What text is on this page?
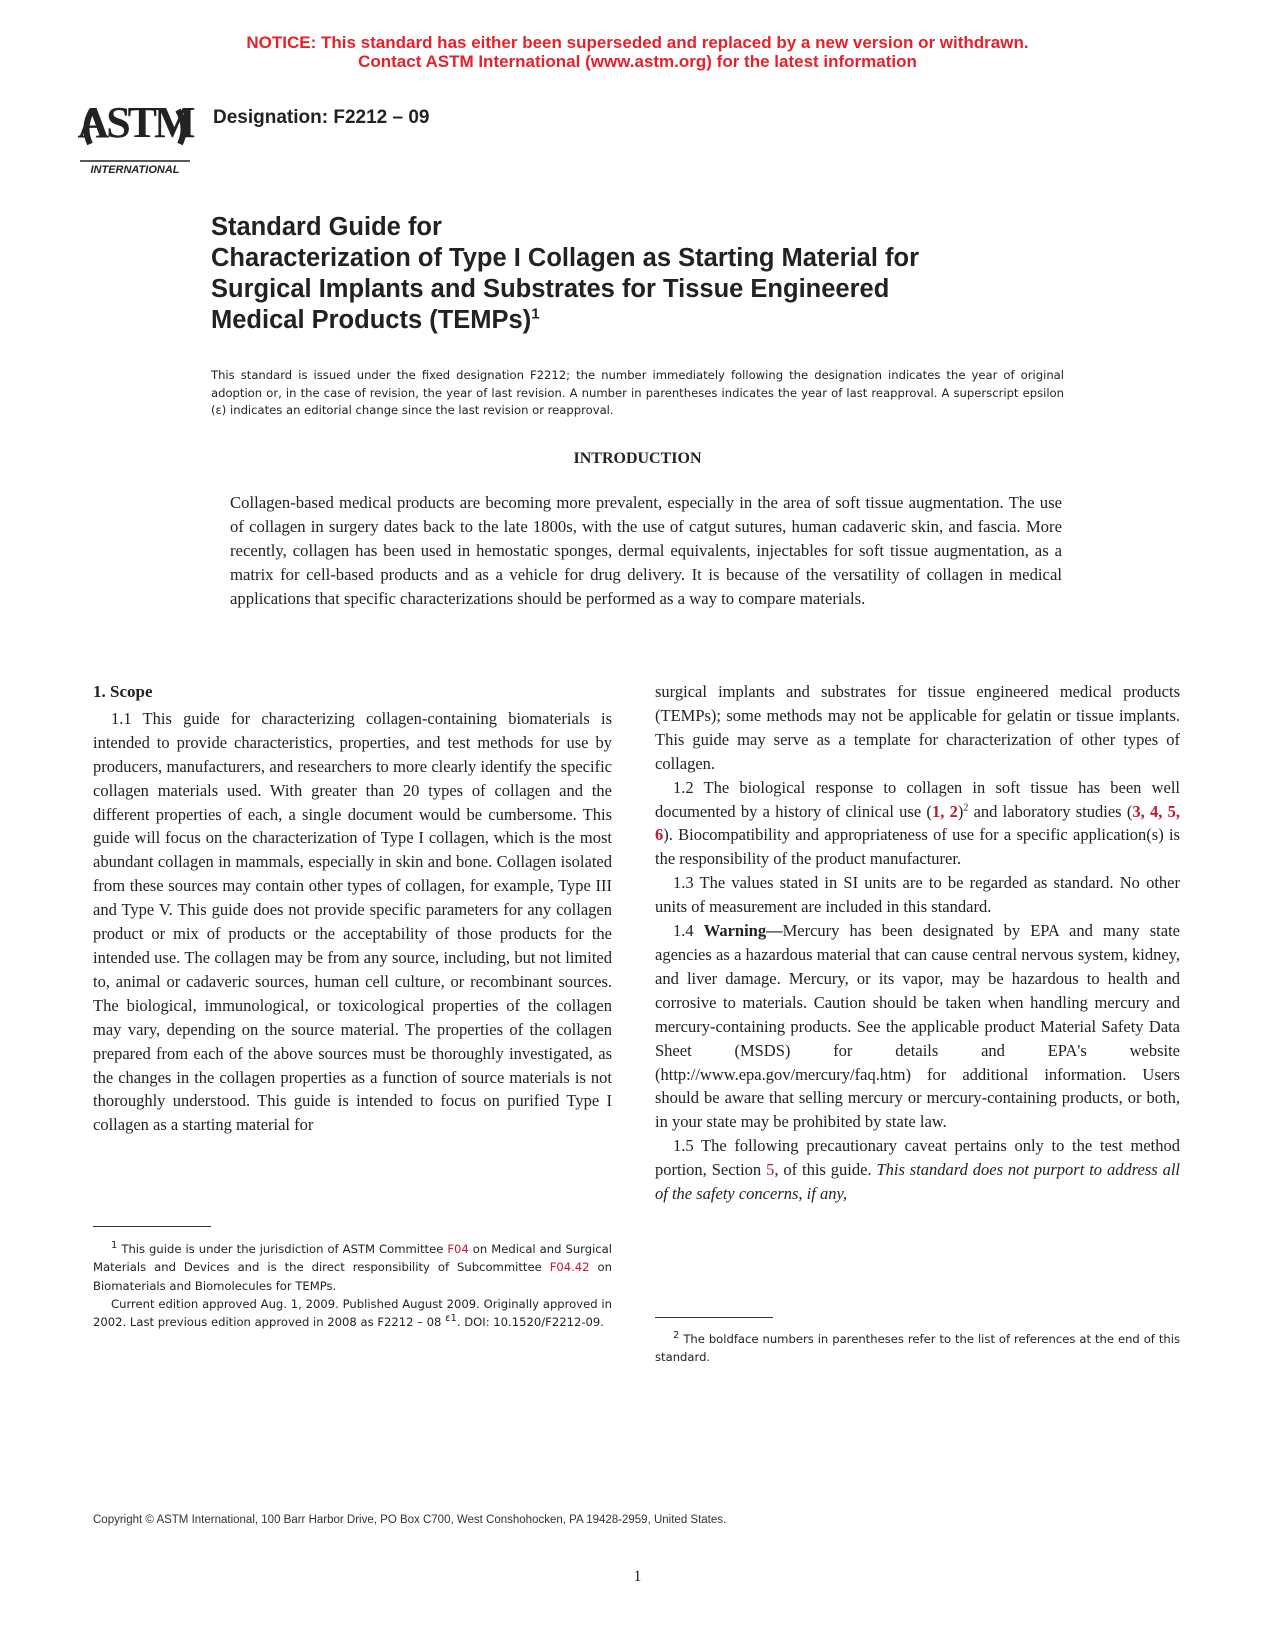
NOTICE: This standard has either been superseded and replaced by a new version or withdrawn.
Contact ASTM International (www.astm.org) for the latest information
ASTM
INTERNATIONAL
Designation: F2212 – 09
Standard Guide for
Characterization of Type I Collagen as Starting Material for
Surgical Implants and Substrates for Tissue Engineered
Medical Products (TEMPs)$^1$
This standard is issued under the fixed designation F2212; the number immediately following the designation indicates the year of original adoption or, in the case of revision, the year of last revision. A number in parentheses indicates the year of last reapproval. A superscript epsilon (ε) indicates an editorial change since the last revision or reapproval.
INTRODUCTION
Collagen-based medical products are becoming more prevalent, especially in the area of soft tissue augmentation. The use of collagen in surgery dates back to the late 1800s, with the use of catgut sutures, human cadaveric skin, and fascia. More recently, collagen has been used in hemostatic sponges, dermal equivalents, injectables for soft tissue augmentation, as a matrix for cell-based products and as a vehicle for drug delivery. It is because of the versatility of collagen in medical applications that specific characterizations should be performed as a way to compare materials.

1. Scope

1.1 This guide for characterizing collagen-containing biomaterials is intended to provide characteristics, properties, and test methods for use by producers, manufacturers, and researchers to more clearly identify the specific collagen materials used. With greater than 20 types of collagen and the different properties of each, a single document would be cumbersome. This guide will focus on the characterization of Type I collagen, which is the most abundant collagen in mammals, especially in skin and bone. Collagen isolated from these sources may contain other types of collagen, for example, Type III and Type V. This guide does not provide specific parameters for any collagen product or mix of products or the acceptability of those products for the intended use. The collagen may be from any source, including, but not limited to, animal or cadaveric sources, human cell culture, or recombinant sources. The biological, immunological, or toxicological properties of the collagen may vary, depending on the source material. The properties of the collagen prepared from each of the above sources must be thoroughly investigated, as the changes in the collagen properties as a function of source materials is not thoroughly understood. This guide is intended to focus on purified Type I collagen as a starting material for

surgical implants and substrates for tissue engineered medical products (TEMPs); some methods may not be applicable for gelatin or tissue implants. This guide may serve as a template for characterization of other types of collagen.

1.2 The biological response to collagen in soft tissue has been well documented by a history of clinical use (1, 2)$^2$ and laboratory studies (3, 4, 5, 6). Biocompatibility and appropriateness of use for a specific application(s) is the responsibility of the product manufacturer.

1.3 The values stated in SI units are to be regarded as standard. No other units of measurement are included in this standard.

1.4 Warning—Mercury has been designated by EPA and many state agencies as a hazardous material that can cause central nervous system, kidney, and liver damage. Mercury, or its vapor, may be hazardous to health and corrosive to materials. Caution should be taken when handling mercury and mercury-containing products. See the applicable product Material Safety Data Sheet (MSDS) for details and EPA's website (http://www.epa.gov/mercury/faq.htm) for additional information. Users should be aware that selling mercury or mercury-containing products, or both, in your state may be prohibited by state law.

1.5 The following precautionary caveat pertains only to the test method portion, Section 5, of this guide. This standard does not purport to address all of the safety concerns, if any,

$^1$ This guide is under the jurisdiction of ASTM Committee F04 on Medical and Surgical Materials and Devices and is the direct responsibility of Subcommittee F04.42 on Biomaterials and Biomolecules for TEMPs.

Current edition approved Aug. 1, 2009. Published August 2009. Originally approved in 2002. Last previous edition approved in 2008 as F2212 – 08 $^{\varepsilon 1}$. DOI: 10.1520/F2212-09.

$^2$ The boldface numbers in parentheses refer to the list of references at the end of this standard.

Copyright © ASTM International, 100 Barr Harbor Drive, PO Box C700, West Conshohocken, PA 19428-2959, United States.
1
